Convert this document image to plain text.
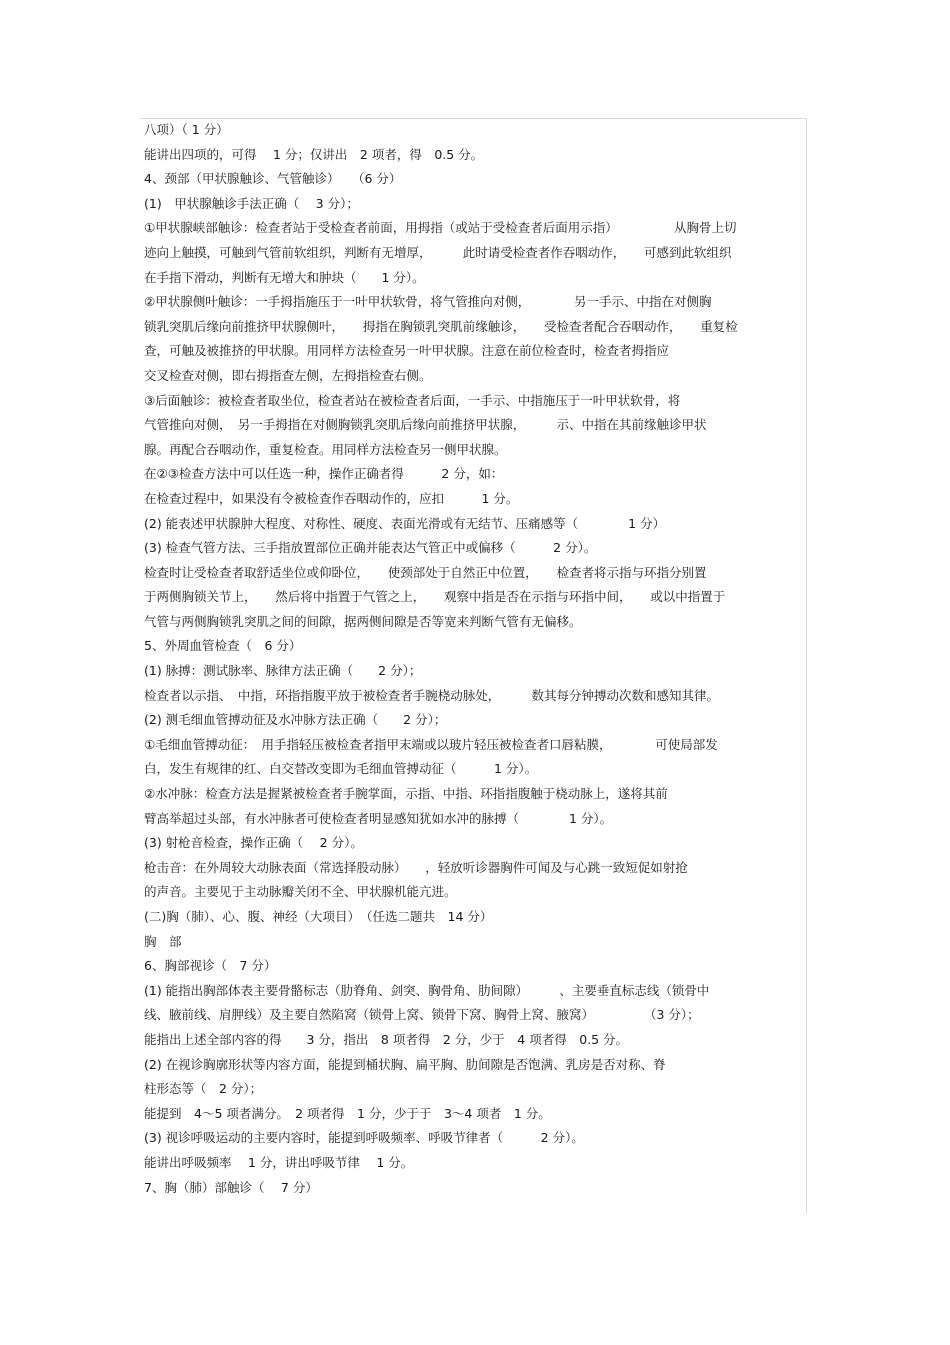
八项）（ 1 分）
能讲出四项的，可得　 1 分；仅讲出　2 项者，得　0.5 分。
4、颈部（甲状腺触诊、气管触诊）　　（6 分）
(1)　甲状腺触诊手法正确（　 3 分）；
①甲状腺峡部触诊：检查者站于受检查者前面，用拇指（或站于受检查者后面用示指）　　　　　从胸骨上切
迹向上触摸，可触到气管前软组织，判断有无增厚，　　　此时请受检查者作吞咽动作，　　可感到此软组织
在手指下滑动，判断有无增大和肿块（　　1 分）。
②甲状腺侧叶触诊：一手拇指施压于一叶甲状软骨，将气管推向对侧，　　　　另一手示、中指在对侧胸
锁乳突肌后缘向前推挤甲状腺侧叶，　　拇指在胸锁乳突肌前缘触诊，　　受检查者配合吞咽动作，　　重复检
查，可触及被推挤的甲状腺。用同样方法检查另一叶甲状腺。注意在前位检查时，检查者拇指应
交叉检查对侧，即右拇指查左侧，左拇指检查右侧。
③后面触诊：被检查者取坐位，检查者站在被检查者后面，一手示、中指施压于一叶甲状软骨，将
气管推向对侧，　另一手拇指在对侧胸锁乳突肌后缘向前推挤甲状腺，　　　示、中指在其前缘触诊甲状
腺。再配合吞咽动作，重复检查。用同样方法检查另一侧甲状腺。
在②③检查方法中可以任选一种，操作正确者得　　　2 分，如：
在检查过程中，如果没有令被检查作吞咽动作的，应扣　　　1 分。
(2) 能表述甲状腺肿大程度、对称性、硬度、表面光滑或有无结节、压痛感等（　　　　1 分）
(3) 检查气管方法、三手指放置部位正确并能表达气管正中或偏移（　　　2 分）。
检查时让受检查者取舒适坐位或仰卧位，　　使颈部处于自然正中位置，　　检查者将示指与环指分别置
于两侧胸锁关节上，　　然后将中指置于气管之上，　　观察中指是否在示指与环指中间，　　或以中指置于
气管与两侧胸锁乳突肌之间的间隙，据两侧间隙是否等宽来判断气管有无偏移。
5、外周血管检查（　6 分）
(1) 脉搏：测试脉率、脉律方法正确（　　2 分）；
检查者以示指、　中指，环指指腹平放于被检查者手腕桡动脉处，　　　数其每分钟搏动次数和感知其律。
(2) 测毛细血管搏动征及水冲脉方法正确（　　2 分）；
①毛细血管搏动征：　用手指轻压被检查者指甲末端或以玻片轻压被检查者口唇粘膜，　　　　可使局部发
白，发生有规律的红、白交替改变即为毛细血管搏动征（　　　1 分）。
②水冲脉：检查方法是握紧被检查者手腕掌面，示指、中指、环指指腹触于桡动脉上，遂将其前
臂高举超过头部，有水冲脉者可使检查者明显感知犹如水冲的脉搏（　　　　1 分）。
(3) 射枪音检查，操作正确（　 2 分）。
枪击音：在外周较大动脉表面（常选择股动脉）　　，轻放听诊器胸件可闻及与心跳一致短促如射抢
的声音。主要见于主动脉瓣关闭不全、甲状腺机能亢进。
(二)胸（肺）、心、腹、神经（大项目）　（任选二题共　14 分）
胸　部
6、胸部视诊（　7 分）
(1) 能指出胸部体表主要骨骼标志（肋脊角、剑突、胸骨角、肋间隙）　　　、主要垂直标志线（锁骨中
线、腋前线、肩胛线）及主要自然陷窝（锁骨上窝、锁骨下窝、胸骨上窝、腋窝）　　　　　（3 分）；
能指出上述全部内容的得　　3 分，指出　8 项者得　2 分，少于　4 项者得　0.5 分。
(2) 在视诊胸廓形状等内容方面，能提到桶状胸、扁平胸、肋间隙是否饱满、乳房是否对称、脊
柱形态等（　2 分）；
能提到　4～5 项者满分。　2 项者得　1 分，少于于　3～4 项者　1 分。
(3) 视诊呼吸运动的主要内容时，能提到呼吸频率、呼吸节律者（　　　2 分）。
能讲出呼吸频率　 1 分，讲出呼吸节律　 1 分。
7、胸（肺）部触诊（　 7 分）
